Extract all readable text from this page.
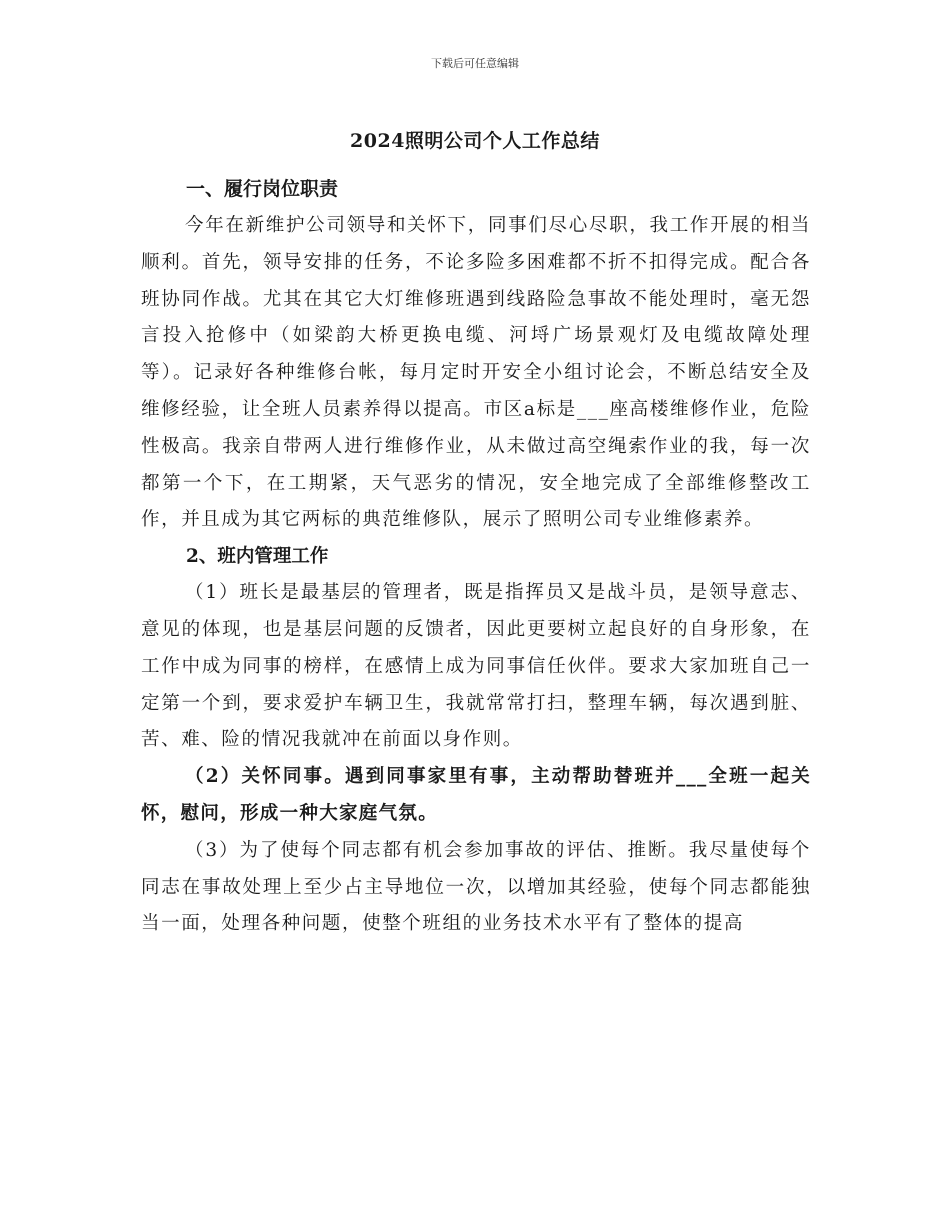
下载后可任意编辑
2024照明公司个人工作总结
一、履行岗位职责

今年在新维护公司领导和关怀下，同事们尽心尽职，我工作开展的相当顺利。首先，领导安排的任务，不论多险多困难都不折不扣得完成。配合各班协同作战。尤其在其它大灯维修班遇到线路险急事故不能处理时，毫无怨言投入抢修中（如梁韵大桥更换电缆、河埒广场景观灯及电缆故障处理等）。记录好各种维修台帐，每月定时开安全小组讨论会，不断总结安全及维修经验，让全班人员素养得以提高。市区a标是___座高楼维修作业，危险性极高。我亲自带两人进行维修作业，从未做过高空绳索作业的我，每一次都第一个下，在工期紧，天气恶劣的情况，安全地完成了全部维修整改工作，并且成为其它两标的典范维修队，展示了照明公司专业维修素养。

2、班内管理工作

（1）班长是最基层的管理者，既是指挥员又是战斗员，是领导意志、意见的体现，也是基层问题的反馈者，因此更要树立起良好的自身形象，在工作中成为同事的榜样，在感情上成为同事信任伙伴。要求大家加班自己一定第一个到，要求爱护车辆卫生，我就常常打扫，整理车辆，每次遇到脏、苦、难、险的情况我就冲在前面以身作则。

（2）关怀同事。遇到同事家里有事，主动帮助替班并___全班一起关怀，慰问，形成一种大家庭气氛。

（3）为了使每个同志都有机会参加事故的评估、推断。我尽量使每个同志在事故处理上至少占主导地位一次，以增加其经验，使每个同志都能独当一面，处理各种问题，使整个班组的业务技术水平有了整体的提高
